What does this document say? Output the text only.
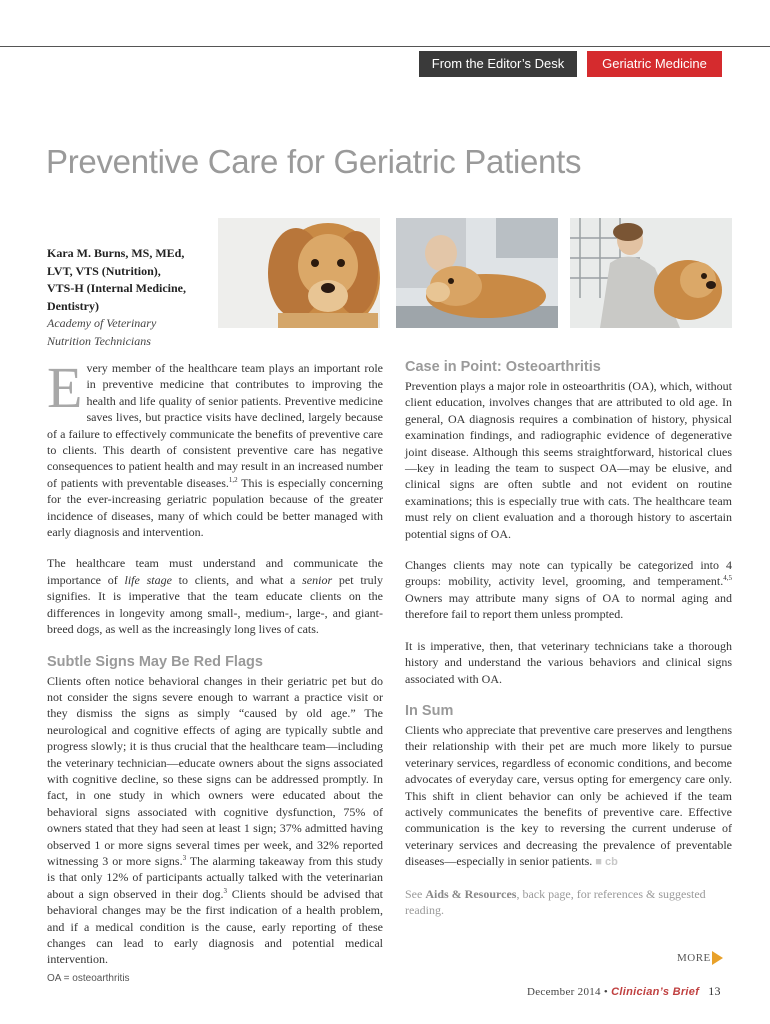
From the Editor’s Desk	Geriatric Medicine
Preventive Care for Geriatric Patients
Kara M. Burns, MS, MEd,
LVT, VTS (Nutrition),
VTS-H (Internal Medicine,
Dentistry)
Academy of Veterinary
Nutrition Technicians

Every member of the healthcare team plays an important role in preventive medicine that contributes to improving the health and life quality of senior patients. Preventive medicine saves lives, but practice visits have declined, largely because of a failure to effectively communicate the benefits of preventive care to clients. This dearth of consistent preventive care has negative consequences to patient health and may result in an increased number of patients with preventable diseases.$^{1,2}$ This is especially concerning for the ever-increasing geriatric population because of the greater incidence of diseases, many of which could be better managed with early diagnosis and intervention.

The healthcare team must understand and communicate the importance of life stage to clients, and what a senior pet truly signifies. It is imperative that the team educate clients on the differences in longevity among small-, medium-, large-, and giant-breed dogs, as well as the increasingly long lives of cats.

Subtle Signs May Be Red Flags

Clients often notice behavioral changes in their geriatric pet but do not consider the signs severe enough to warrant a practice visit or they dismiss the signs as simply “caused by old age.” The neurological and cognitive effects of aging are typically subtle and progress slowly; it is thus crucial that the healthcare team—including the veterinary technician—educate owners about the signs associated with cognitive decline, so these signs can be addressed promptly. In fact, in one study in which owners were educated about the behavioral signs associated with cognitive dysfunction, 75% of owners stated that they had seen at least 1 sign; 37% admitted having observed 1 or more signs several times per week, and 32% reported witnessing 3 or more signs.$^3$ The alarming takeaway from this study is that only 12% of participants actually talked with the veterinarian about a sign observed in their dog.$^3$ Clients should be advised that behavioral changes may be the first indication of a health problem, and if a medical condition is the cause, early reporting of these changes can lead to early diagnosis and potential medical intervention.

Case in Point: Osteoarthritis

Prevention plays a major role in osteoarthritis (OA), which, without client education, involves changes that are attributed to old age. In general, OA diagnosis requires a combination of history, physical examination findings, and radiographic evidence of degenerative joint disease. Although this seems straightforward, historical clues—key in leading the team to suspect OA—may be elusive, and clinical signs are often subtle and not evident on routine examinations; this is especially true with cats. The healthcare team must rely on client evaluation and a thorough history to ascertain potential signs of OA.

Changes clients may note can typically be categorized into 4 groups: mobility, activity level, grooming, and temperament.$^{4,5}$ Owners may attribute many signs of OA to normal aging and therefore fail to report them unless prompted.

It is imperative, then, that veterinary technicians take a thorough history and understand the various behaviors and clinical signs associated with OA.

In Sum

Clients who appreciate that preventive care preserves and lengthens their relationship with their pet are much more likely to pursue veterinary services, regardless of economic conditions, and become advocates of everyday care, versus opting for emergency care only. This shift in client behavior can only be achieved if the team actively communicates the benefits of preventive care. Effective communication is the key to reversing the current underuse of veterinary services and decreasing the prevalence of preventable diseases—especially in senior patients. ■ cb

See Aids & Resources, back page, for references & suggested reading.

OA = osteoarthritis
MORE
December 2014 • Clinician’s Brief 13
